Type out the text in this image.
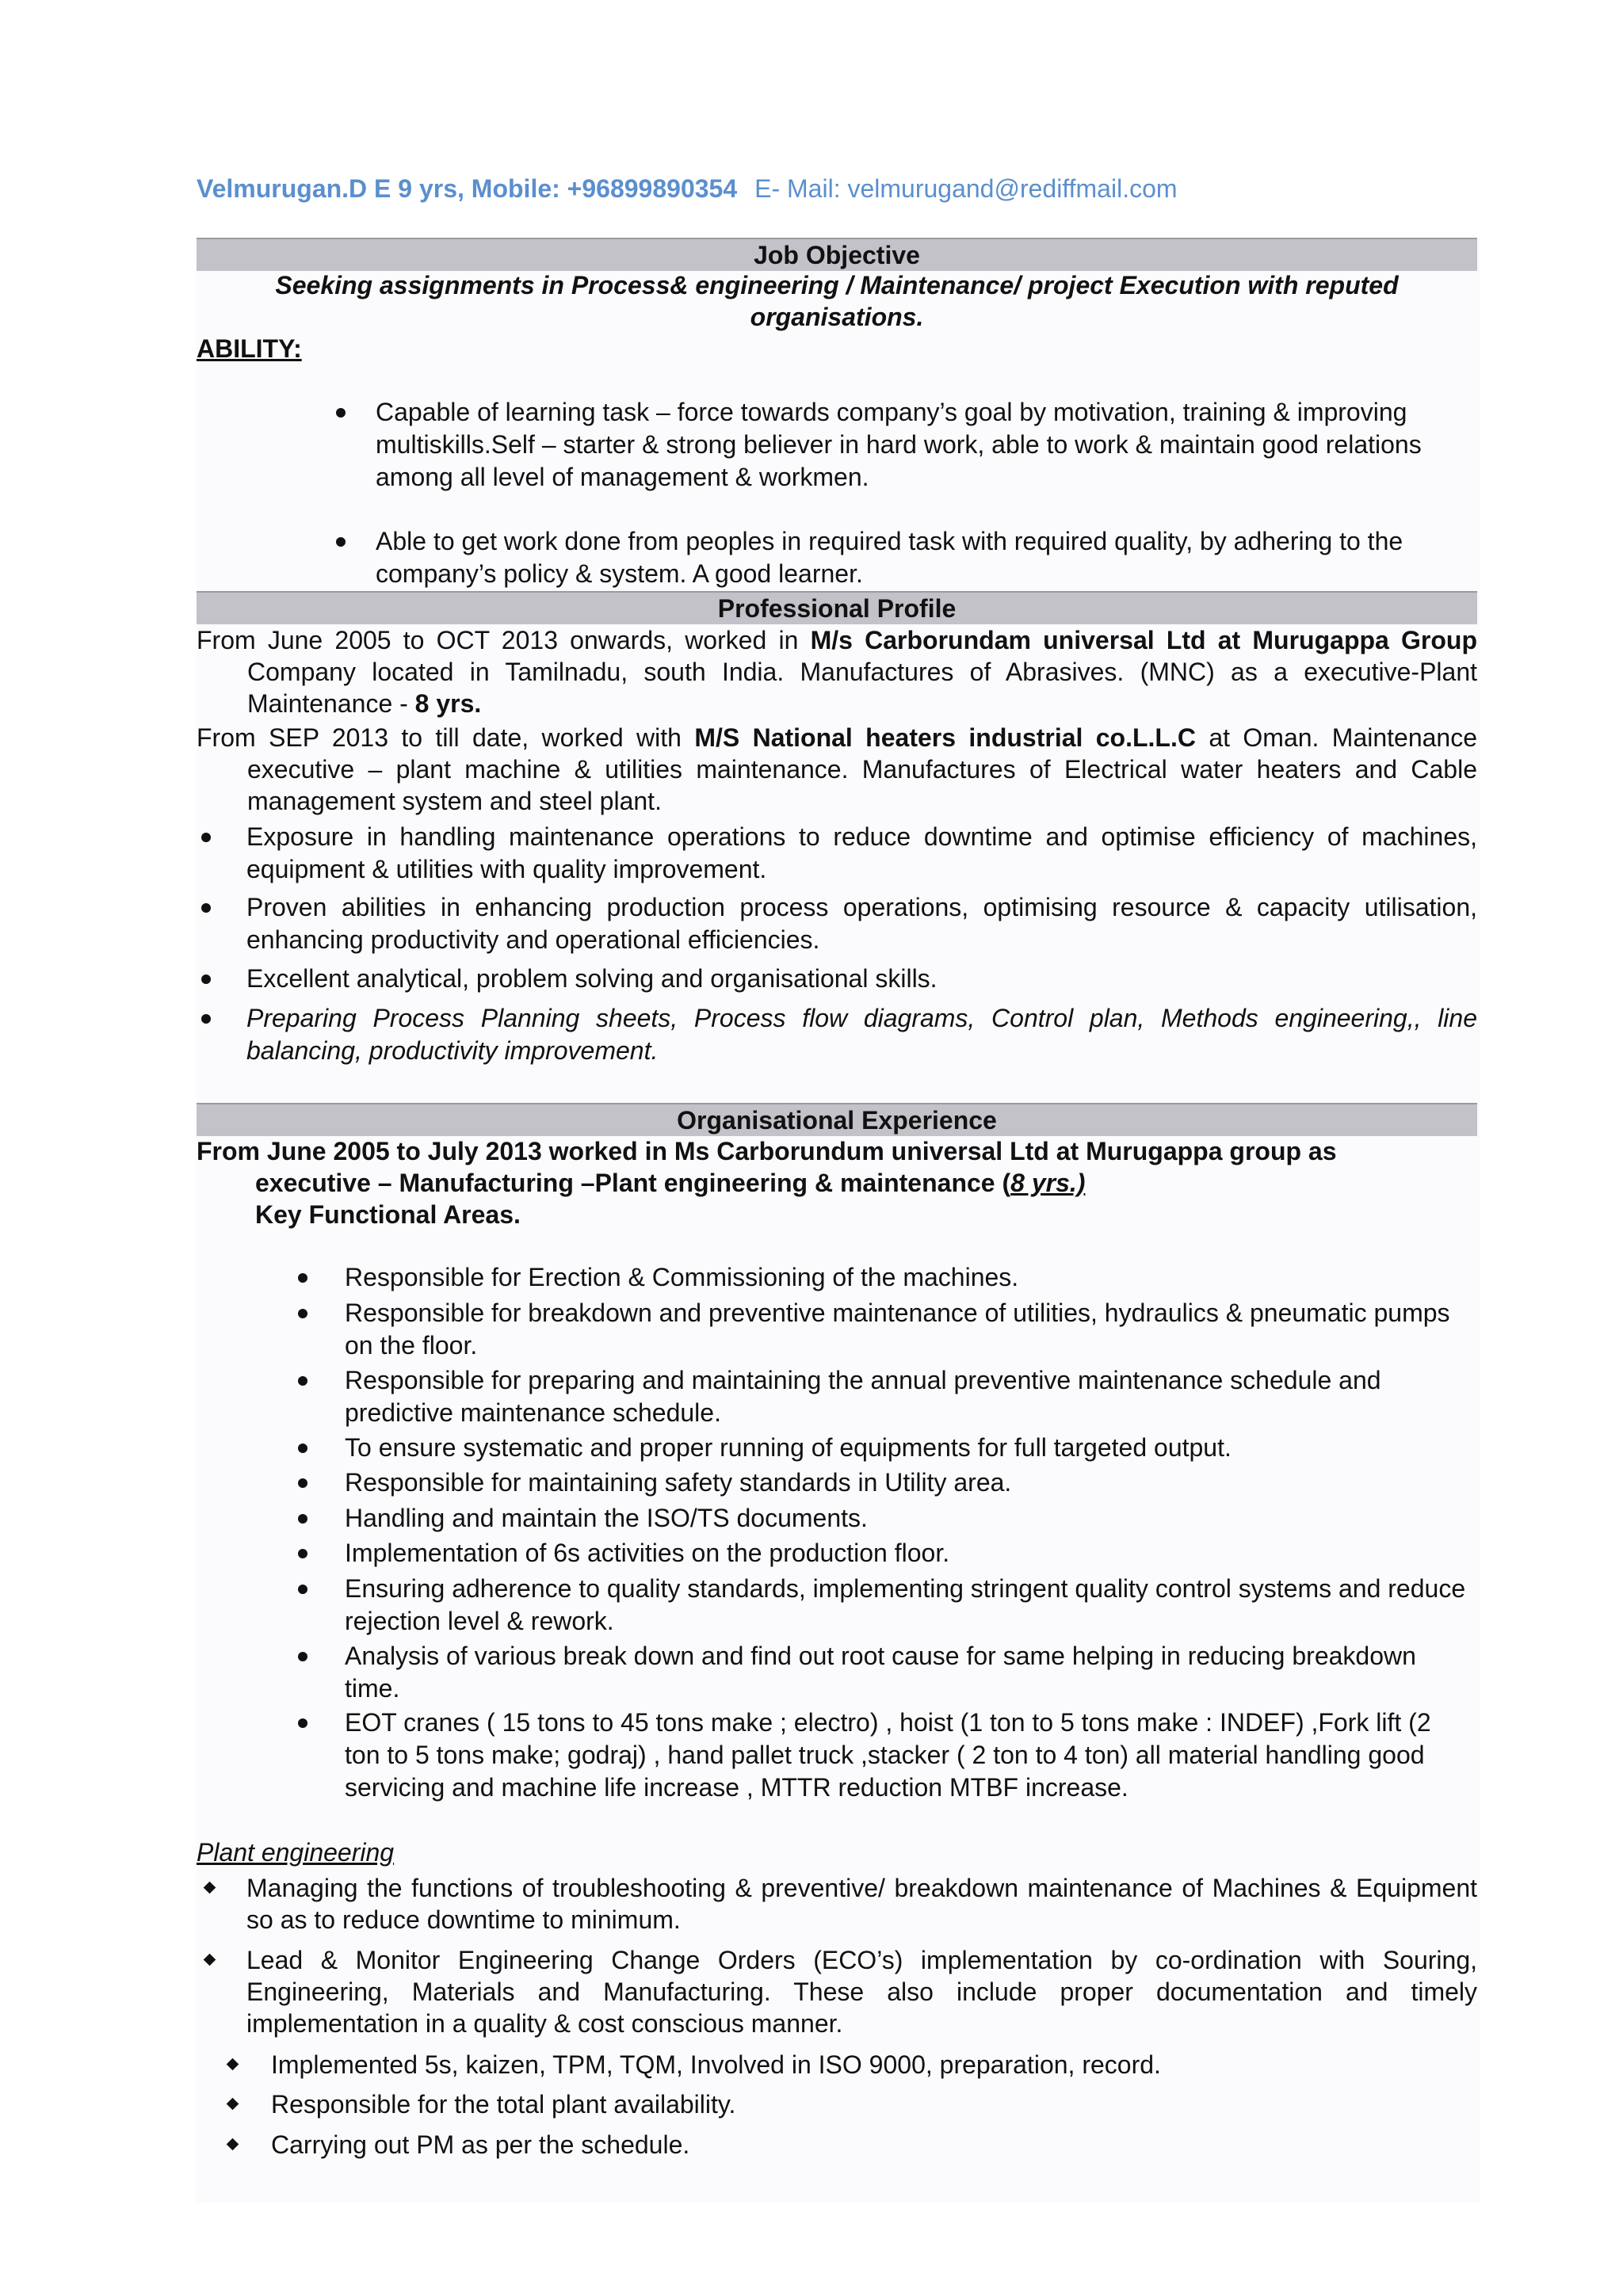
Velmurugan.D E 9 yrs, Mobile: +96899890354 E- Mail: velmurugand@rediffmail.com
Job Objective
Seeking assignments in Process& engineering / Maintenance/ project Execution with reputed
organisations.
ABILITY:
Capable of learning task – force towards company’s goal by motivation, training & improving multiskills.Self – starter & strong believer in hard work, able to work & maintain good relations among all level of management & workmen.
Able to get work done from peoples in required task with required quality, by adhering to the company’s policy & system. A good learner.
Professional Profile
From June 2005 to OCT 2013 onwards, worked in M/s Carborundam universal Ltd at Murugappa Group Company located in Tamilnadu, south India. Manufactures of Abrasives. (MNC) as a executive-Plant Maintenance - 8 yrs.
From SEP 2013 to till date, worked with M/S National heaters industrial co.L.L.C at Oman. Maintenance executive – plant machine & utilities maintenance. Manufactures of Electrical water heaters and Cable management system and steel plant.
Exposure in handling maintenance operations to reduce downtime and optimise efficiency of machines, equipment & utilities with quality improvement.
Proven abilities in enhancing production process operations, optimising resource & capacity utilisation, enhancing productivity and operational efficiencies.
Excellent analytical, problem solving and organisational skills.
Preparing Process Planning sheets, Process flow diagrams, Control plan, Methods engineering,, line balancing, productivity improvement.
Organisational Experience
From June 2005 to July 2013 worked in Ms Carborundum universal Ltd at Murugappa group as executive – Manufacturing –Plant engineering & maintenance (8 yrs.)
Key Functional Areas.
Responsible for Erection & Commissioning of the machines.
Responsible for breakdown and preventive maintenance of utilities, hydraulics & pneumatic pumps on the floor.
Responsible for preparing and maintaining the annual preventive maintenance schedule and predictive maintenance schedule.
To ensure systematic and proper running of equipments for full targeted output.
Responsible for maintaining safety standards in Utility area.
Handling and maintain the ISO/TS documents.
Implementation of 6s activities on the production floor.
Ensuring adherence to quality standards, implementing stringent quality control systems and reduce rejection level & rework.
Analysis of various break down and find out root cause for same helping in reducing breakdown time.
EOT cranes ( 15 tons to 45 tons make ; electro) , hoist (1 ton to 5 tons make : INDEF) ,Fork lift (2 ton to 5 tons make; godraj) , hand pallet truck ,stacker ( 2 ton to 4 ton) all material handling good servicing and machine life increase , MTTR reduction MTBF increase.
Plant engineering
Managing the functions of troubleshooting & preventive/ breakdown maintenance of Machines & Equipment so as to reduce downtime to minimum.
Lead & Monitor Engineering Change Orders (ECO’s) implementation by co-ordination with Souring, Engineering, Materials and Manufacturing. These also include proper documentation and timely implementation in a quality & cost conscious manner.
Implemented 5s, kaizen, TPM, TQM, Involved in ISO 9000, preparation, record.
Responsible for the total plant availability.
Carrying out PM as per the schedule.
